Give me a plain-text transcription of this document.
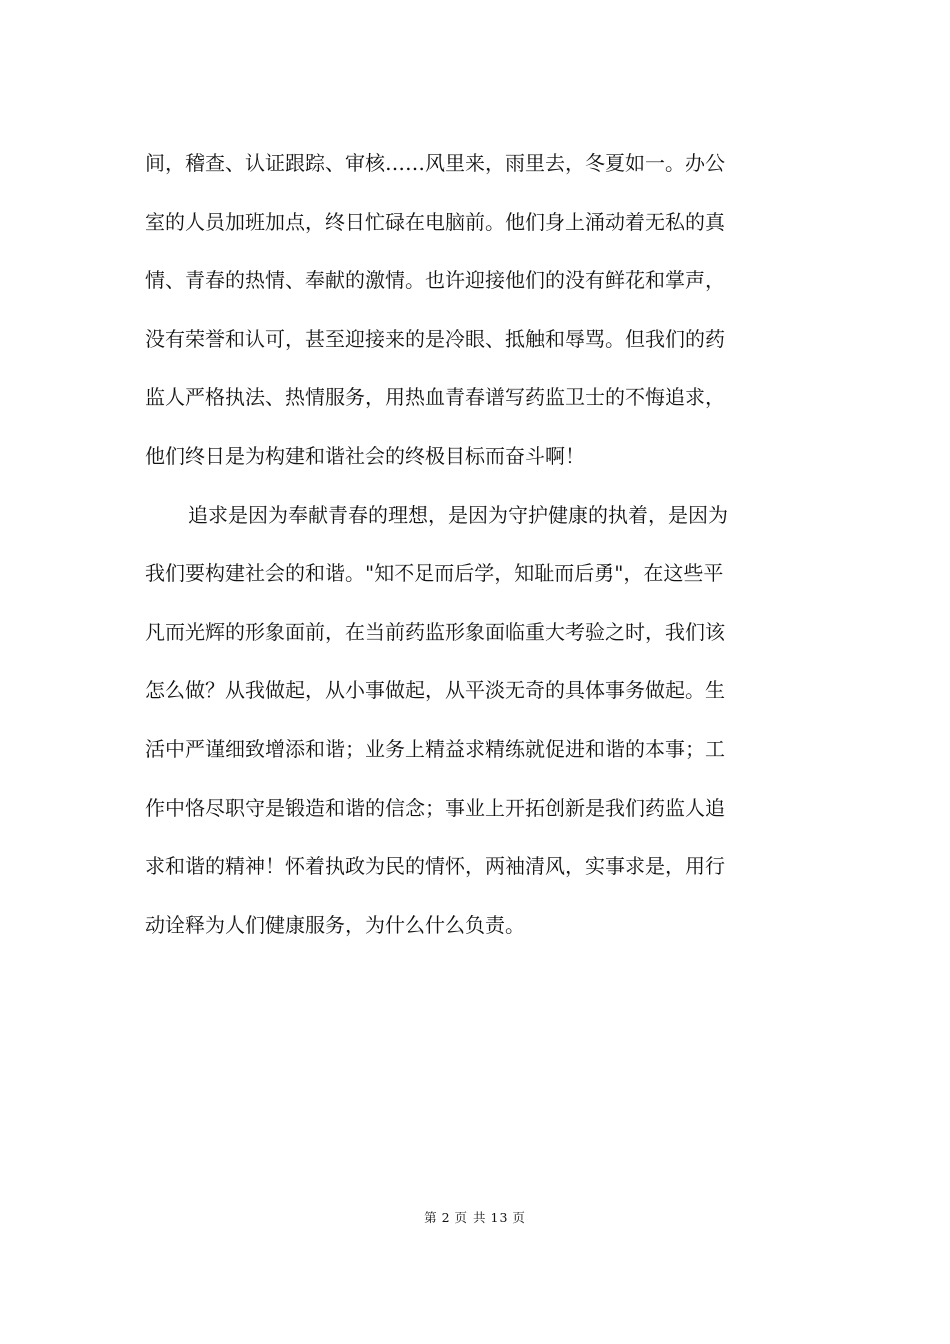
间，稽查、认证跟踪、审核……风里来，雨里去，冬夏如一。办公
室的人员加班加点，终日忙碌在电脑前。他们身上涌动着无私的真
情、青春的热情、奉献的激情。也许迎接他们的没有鲜花和掌声，
没有荣誉和认可，甚至迎接来的是冷眼、抵触和辱骂。但我们的药
监人严格执法、热情服务，用热血青春谱写药监卫士的不悔追求，
他们终日是为构建和谐社会的终极目标而奋斗啊！
追求是因为奉献青春的理想，是因为守护健康的执着，是因为
我们要构建社会的和谐。"知不足而后学，知耻而后勇"，在这些平
凡而光辉的形象面前，在当前药监形象面临重大考验之时，我们该
怎么做？从我做起，从小事做起，从平淡无奇的具体事务做起。生
活中严谨细致增添和谐；业务上精益求精练就促进和谐的本事；工
作中恪尽职守是锻造和谐的信念；事业上开拓创新是我们药监人追
求和谐的精神！怀着执政为民的情怀，两袖清风，实事求是，用行
动诠释为人们健康服务，为什么什么负责。
第 2 页 共 13 页
